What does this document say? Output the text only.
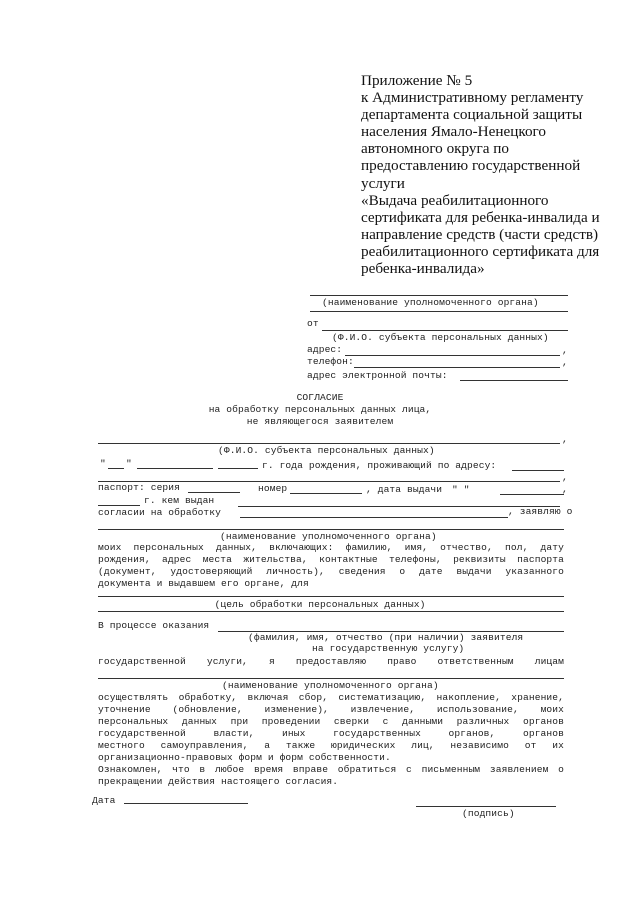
Приложение № 5
к Административному регламенту
департамента социальной защиты
населения Ямало-Ненецкого
автономного округа по
предоставлению государственной
услуги
«Выдача реабилитационного
сертификата для ребенка-инвалида и
направление средств (части средств)
реабилитационного сертификата для
ребенка-инвалида»
(наименование уполномоченного органа)
от
(Ф.И.О. субъекта персональных данных)
адрес:	,
телефон:	,
адрес электронной почты:
СОГЛАСИЕ
на обработку персональных данных лица,
не являющегося заявителем
,
(Ф.И.О. субъекта персональных данных)
" "	г. года рождения, проживающий по адресу:
,
паспорт: серия	номер	, дата выдачи " "
г. кем выдан
,
согласии на обработку	, заявляю о
(наименование уполномоченного органа)
моих персональных данных, включающих: фамилию, имя, отчество, пол, дату
рождения, адрес места жительства, контактные телефоны, реквизиты паспорта
(документ, удостоверяющий личность), сведения о дате выдачи указанного
документа и выдавшем его органе, для
(цель обработки персональных данных)
В процессе оказания
(фамилия, имя, отчество (при наличии) заявителя
на государственную услугу)
государственной услуги, я предоставляю право ответственным лицам
(наименование уполномоченного органа)
осуществлять обработку, включая сбор, систематизацию, накопление, хранение,
уточнение (обновление, изменение), извлечение, использование, моих
персональных данных при проведении сверки с данными различных органов
государственной власти, иных государственных органов, органов
местного самоуправления, а также юридических лиц, независимо от их
организационно-правовых форм и форм собственности.
Ознакомлен, что в любое время вправе обратиться с письменным заявлением о
прекращении действия настоящего согласия.
Дата
(подпись)
